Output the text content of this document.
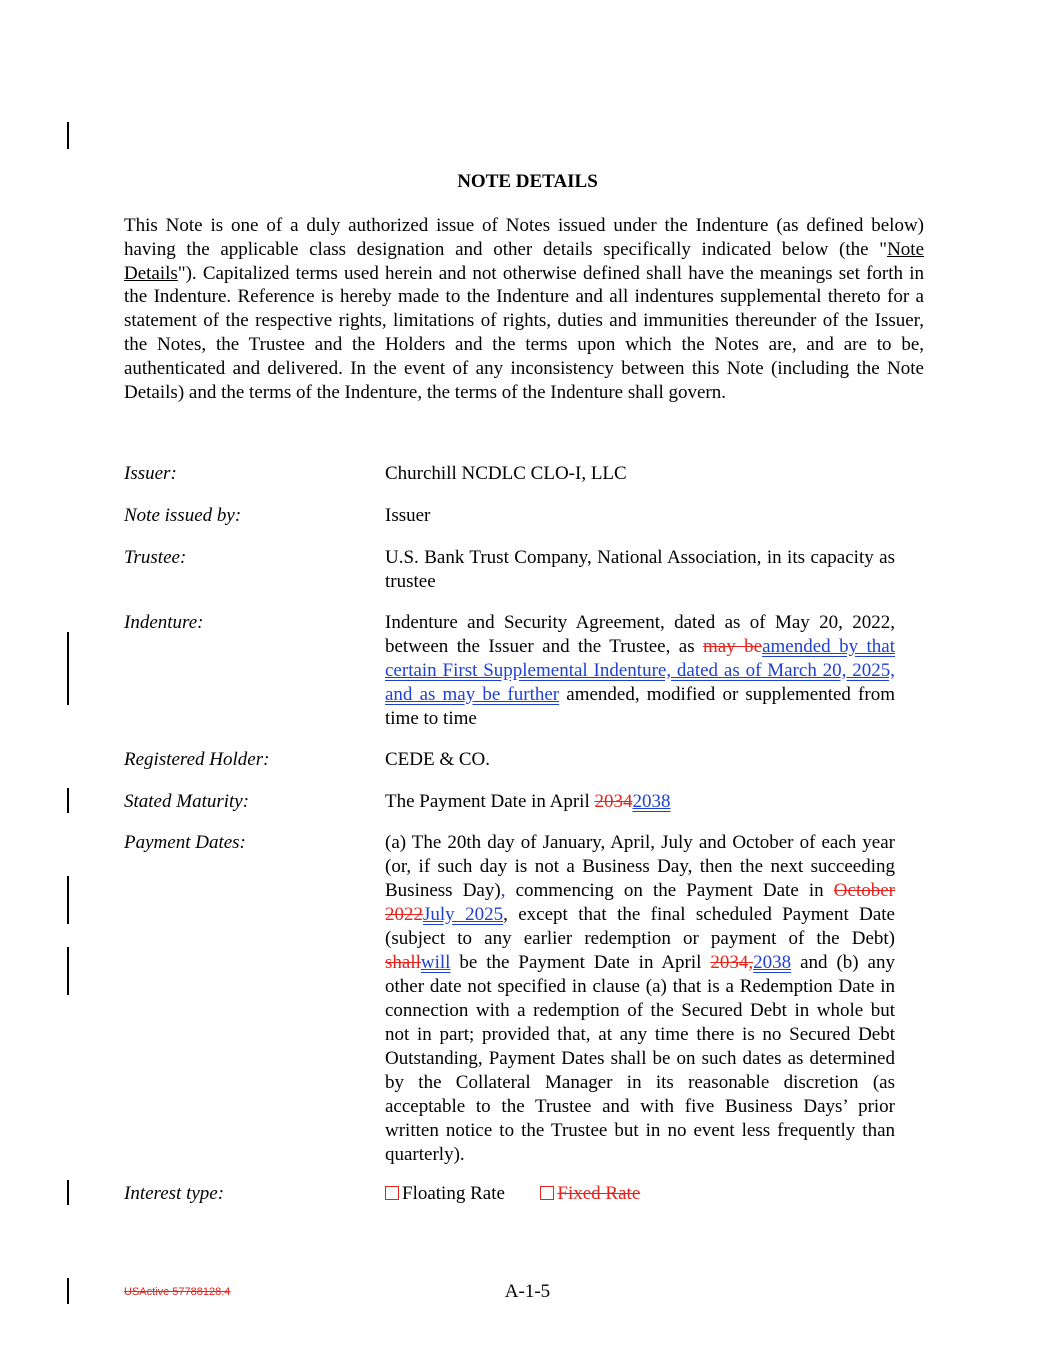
NOTE DETAILS
This Note is one of a duly authorized issue of Notes issued under the Indenture (as defined below) having the applicable class designation and other details specifically indicated below (the "Note Details"). Capitalized terms used herein and not otherwise defined shall have the meanings set forth in the Indenture. Reference is hereby made to the Indenture and all indentures supplemental thereto for a statement of the respective rights, limitations of rights, duties and immunities thereunder of the Issuer, the Notes, the Trustee and the Holders and the terms upon which the Notes are, and are to be, authenticated and delivered. In the event of any inconsistency between this Note (including the Note Details) and the terms of the Indenture, the terms of the Indenture shall govern.
Issuer:	Churchill NCDLC CLO-I, LLC
Note issued by:	Issuer
Trustee:	U.S. Bank Trust Company, National Association, in its capacity as trustee
Indenture:	Indenture and Security Agreement, dated as of May 20, 2022, between the Issuer and the Trustee, as may beamended by that certain First Supplemental Indenture, dated as of March 20, 2025, and as may be further amended, modified or supplemented from time to time
Registered Holder:	CEDE & CO.
Stated Maturity:	The Payment Date in April 20342038
Payment Dates:	(a) The 20th day of January, April, July and October of each year (or, if such day is not a Business Day, then the next succeeding Business Day), commencing on the Payment Date in October 2022July 2025, except that the final scheduled Payment Date (subject to any earlier redemption or payment of the Debt) shallwill be the Payment Date in April 2034,2038 and (b) any other date not specified in clause (a) that is a Redemption Date in connection with a redemption of the Secured Debt in whole but not in part; provided that, at any time there is no Secured Debt Outstanding, Payment Dates shall be on such dates as determined by the Collateral Manager in its reasonable discretion (as acceptable to the Trustee and with five Business Days’ prior written notice to the Trustee but in no event less frequently than quarterly).
Interest type:	Floating Rate	Fixed Rate
USActive 57788128.4	A-1-5
